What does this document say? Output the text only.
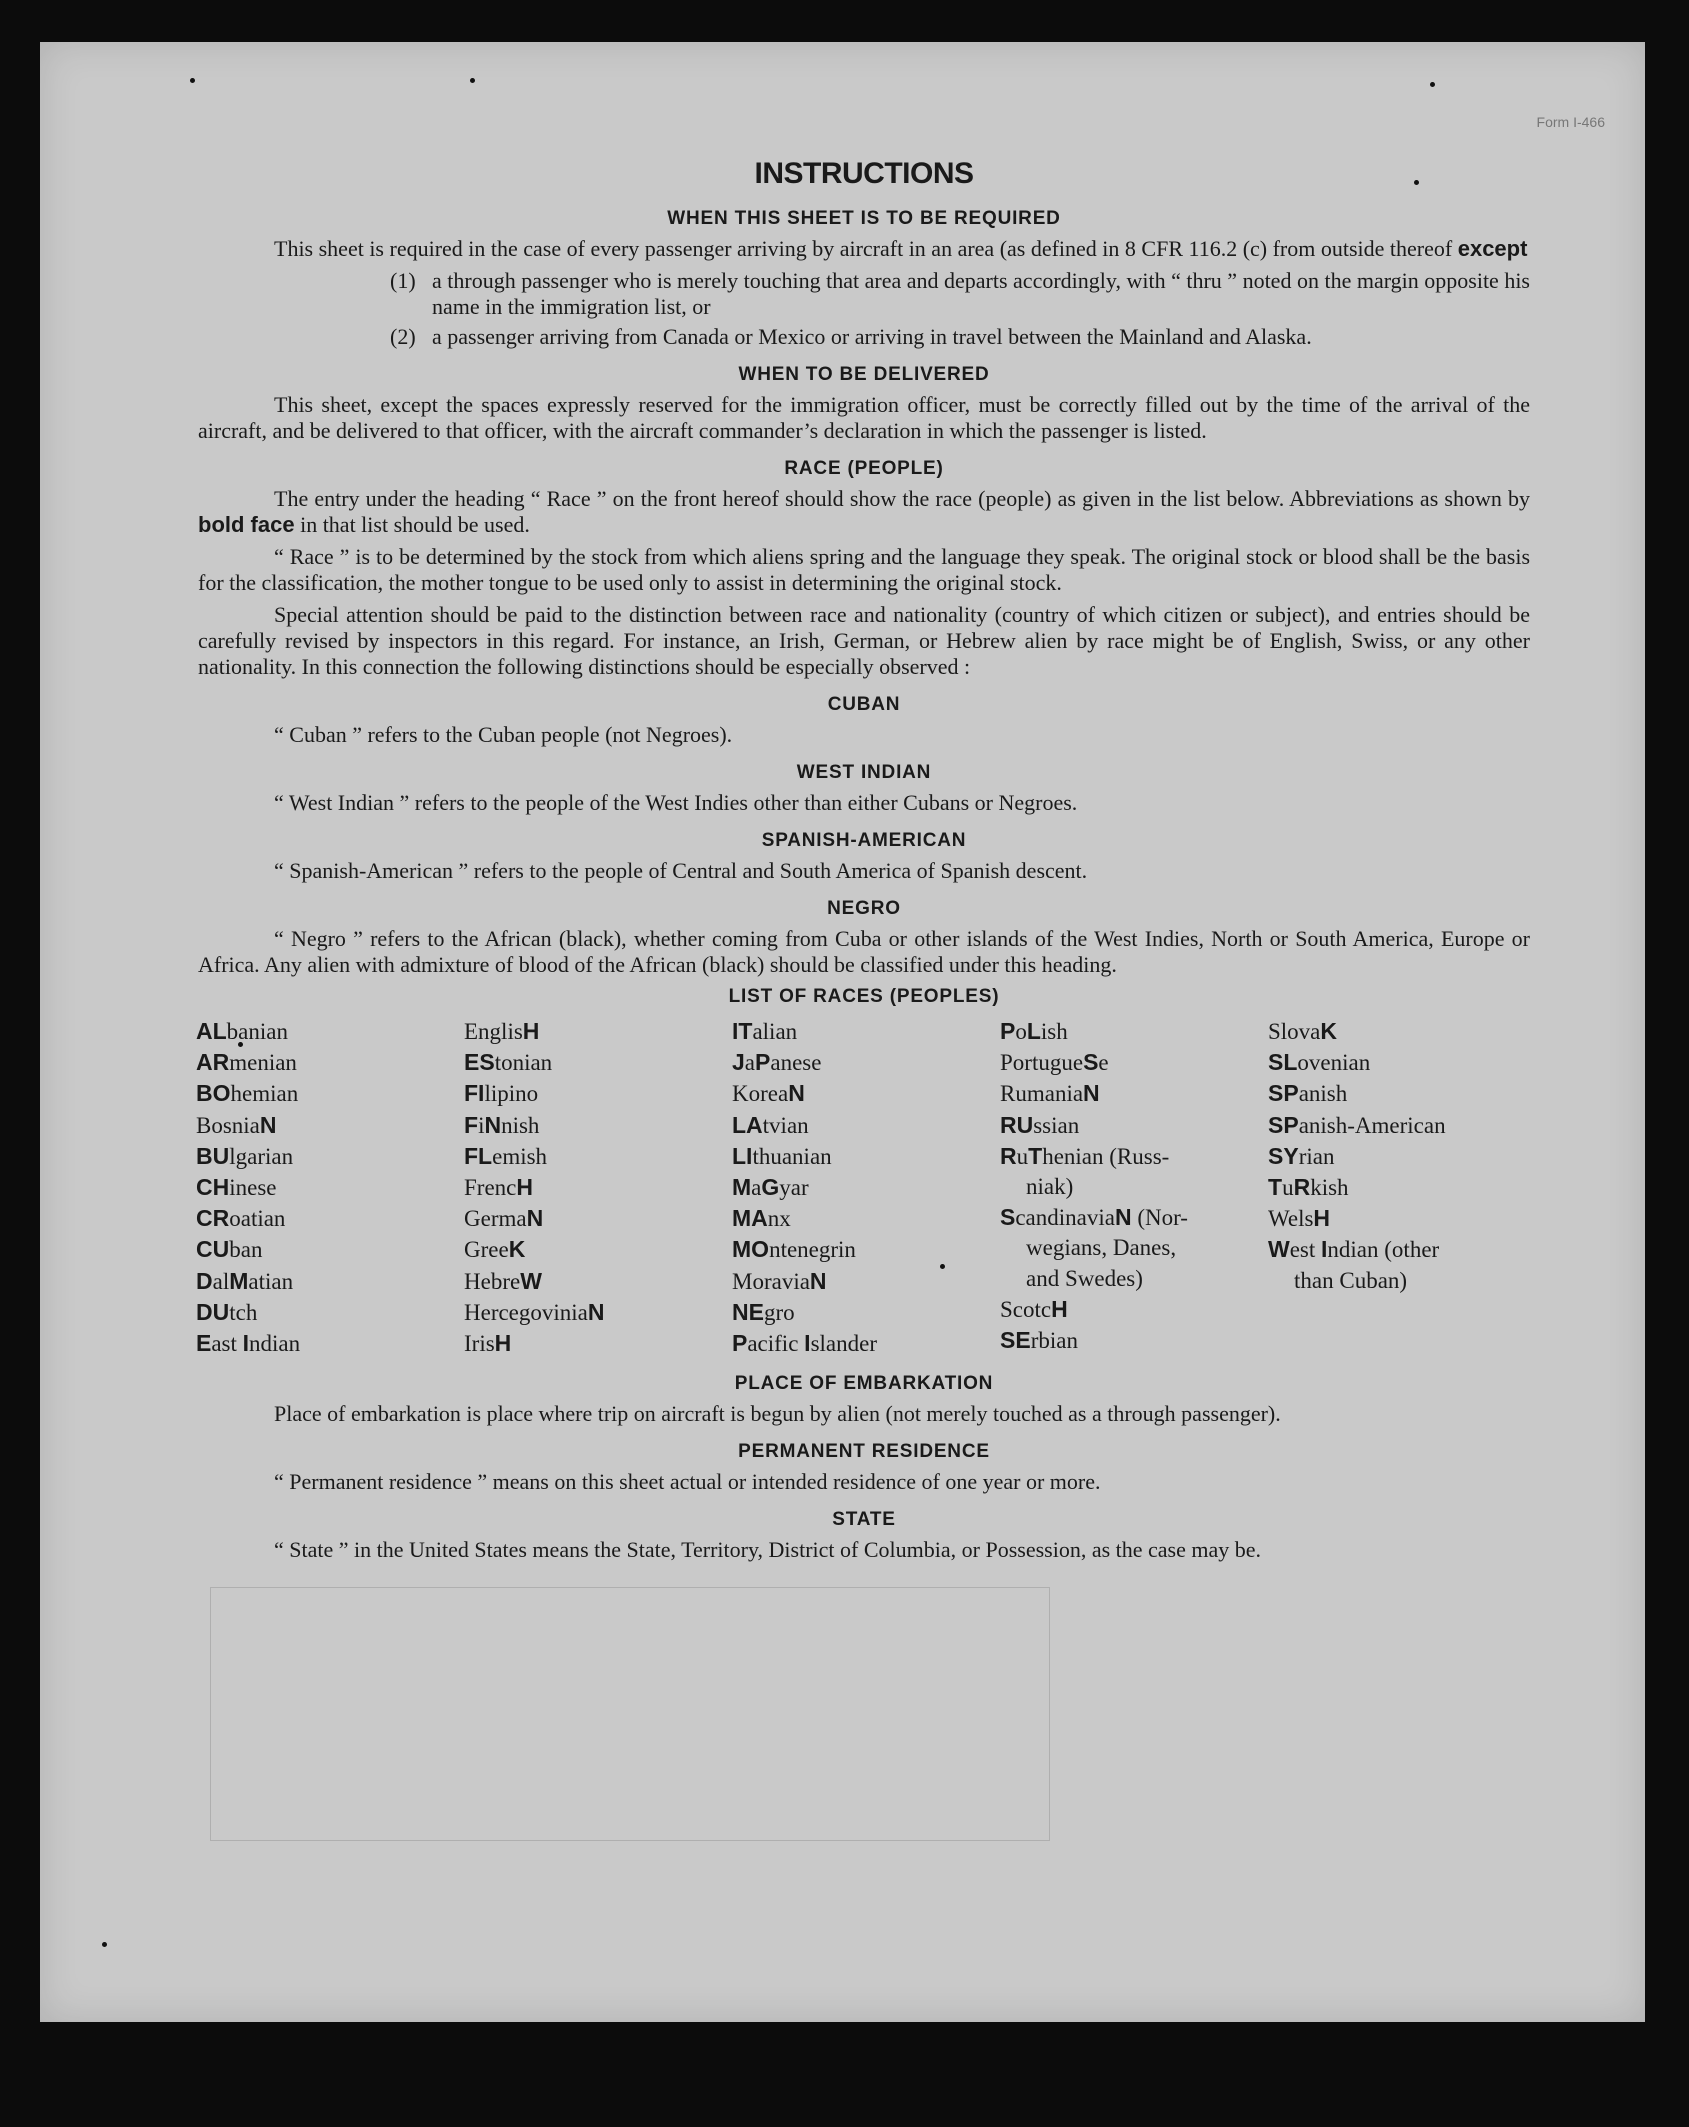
Form I-466
INSTRUCTIONS
WHEN THIS SHEET IS TO BE REQUIRED

This sheet is required in the case of every passenger arriving by aircraft in an area (as defined in 8 CFR 116.2 (c) from outside thereof except

(1) a through passenger who is merely touching that area and departs accordingly, with “ thru ” noted on the margin opposite his name in the immigration list, or
(2) a passenger arriving from Canada or Mexico or arriving in travel between the Mainland and Alaska.
WHEN TO BE DELIVERED

This sheet, except the spaces expressly reserved for the immigration officer, must be correctly filled out by the time of the arrival of the aircraft, and be delivered to that officer, with the aircraft commander’s declaration in which the passenger is listed.

RACE (PEOPLE)

The entry under the heading “ Race ” on the front hereof should show the race (people) as given in the list below. Abbreviations as shown by bold face in that list should be used.

“ Race ” is to be determined by the stock from which aliens spring and the language they speak. The original stock or blood shall be the basis for the classification, the mother tongue to be used only to assist in determining the original stock.

Special attention should be paid to the distinction between race and nationality (country of which citizen or subject), and entries should be carefully revised by inspectors in this regard. For instance, an Irish, German, or Hebrew alien by race might be of English, Swiss, or any other nationality. In this connection the following distinctions should be especially observed :

CUBAN

“ Cuban ” refers to the Cuban people (not Negroes).

WEST INDIAN

“ West Indian ” refers to the people of the West Indies other than either Cubans or Negroes.

SPANISH-AMERICAN

“ Spanish-American ” refers to the people of Central and South America of Spanish descent.

NEGRO

“ Negro ” refers to the African (black), whether coming from Cuba or other islands of the West Indies, North or South America, Europe or Africa. Any alien with admixture of blood of the African (black) should be classified under this heading.

LIST OF RACES (PEOPLES)
ALbanian
ARmenian
BOhemian
BosniaN
BUlgarian
CHinese
CRoatian
CUban
DalMatian
DUtch
East Indian
EnglisH
EStonian
FIlipino
FiNnish
FLemish
FrencH
GermaN
GreeK
HebreW
HercegoviniaN
IrisH
ITalian
JaPanese
KoreaN
LAtvian
LIthuanian
MaGyar
MAnx
MOntenegrin
MoraviaN
NEgro
Pacific Islander
PoLish
PortugueSe
RumaniaN
RUssian
RuThenian (Russ-
niak)
ScandinaviaN (Nor-
wegians, Danes,
and Swedes)
ScotcH
SErbian
SlovaK
SLovenian
SPanish
SPanish-American
SYrian
TuRkish
WelsH
West Indian (other
than Cuban)
PLACE OF EMBARKATION

Place of embarkation is place where trip on aircraft is begun by alien (not merely touched as a through passenger).

PERMANENT RESIDENCE

“ Permanent residence ” means on this sheet actual or intended residence of one year or more.

STATE

“ State ” in the United States means the State, Territory, District of Columbia, or Possession, as the case may be.
